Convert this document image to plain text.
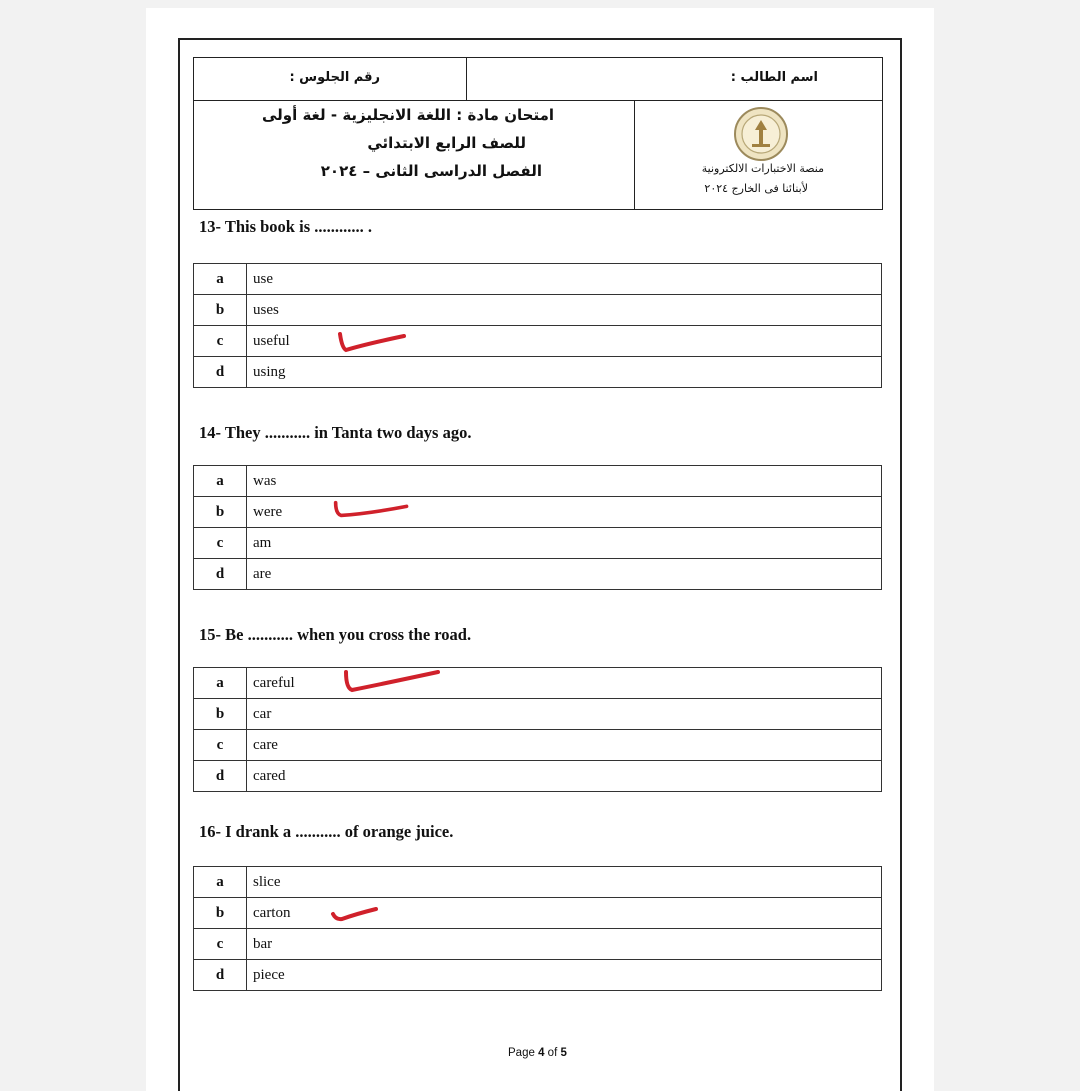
رقم الجلوس :	اسم الطالب :
امتحان مادة : اللغة الانجليزية - لغة أولى
للصف الرابع الابتدائي
الفصل الدراسى الثانى – ٢٠٢٤	منصة الاختبارات الالكترونية
لأبنائنا فى الخارج ٢٠٢٤
13- This book is ............ .
a	use
b	uses
c	useful
d	using
14- They ........... in Tanta two days ago.
a	was
b	were
c	am
d	are
15- Be ........... when you cross the road.
a	careful
b	car
c	care
d	cared
16- I drank a ........... of orange juice.
a	slice
b	carton
c	bar
d	piece
Page 4 of 5
